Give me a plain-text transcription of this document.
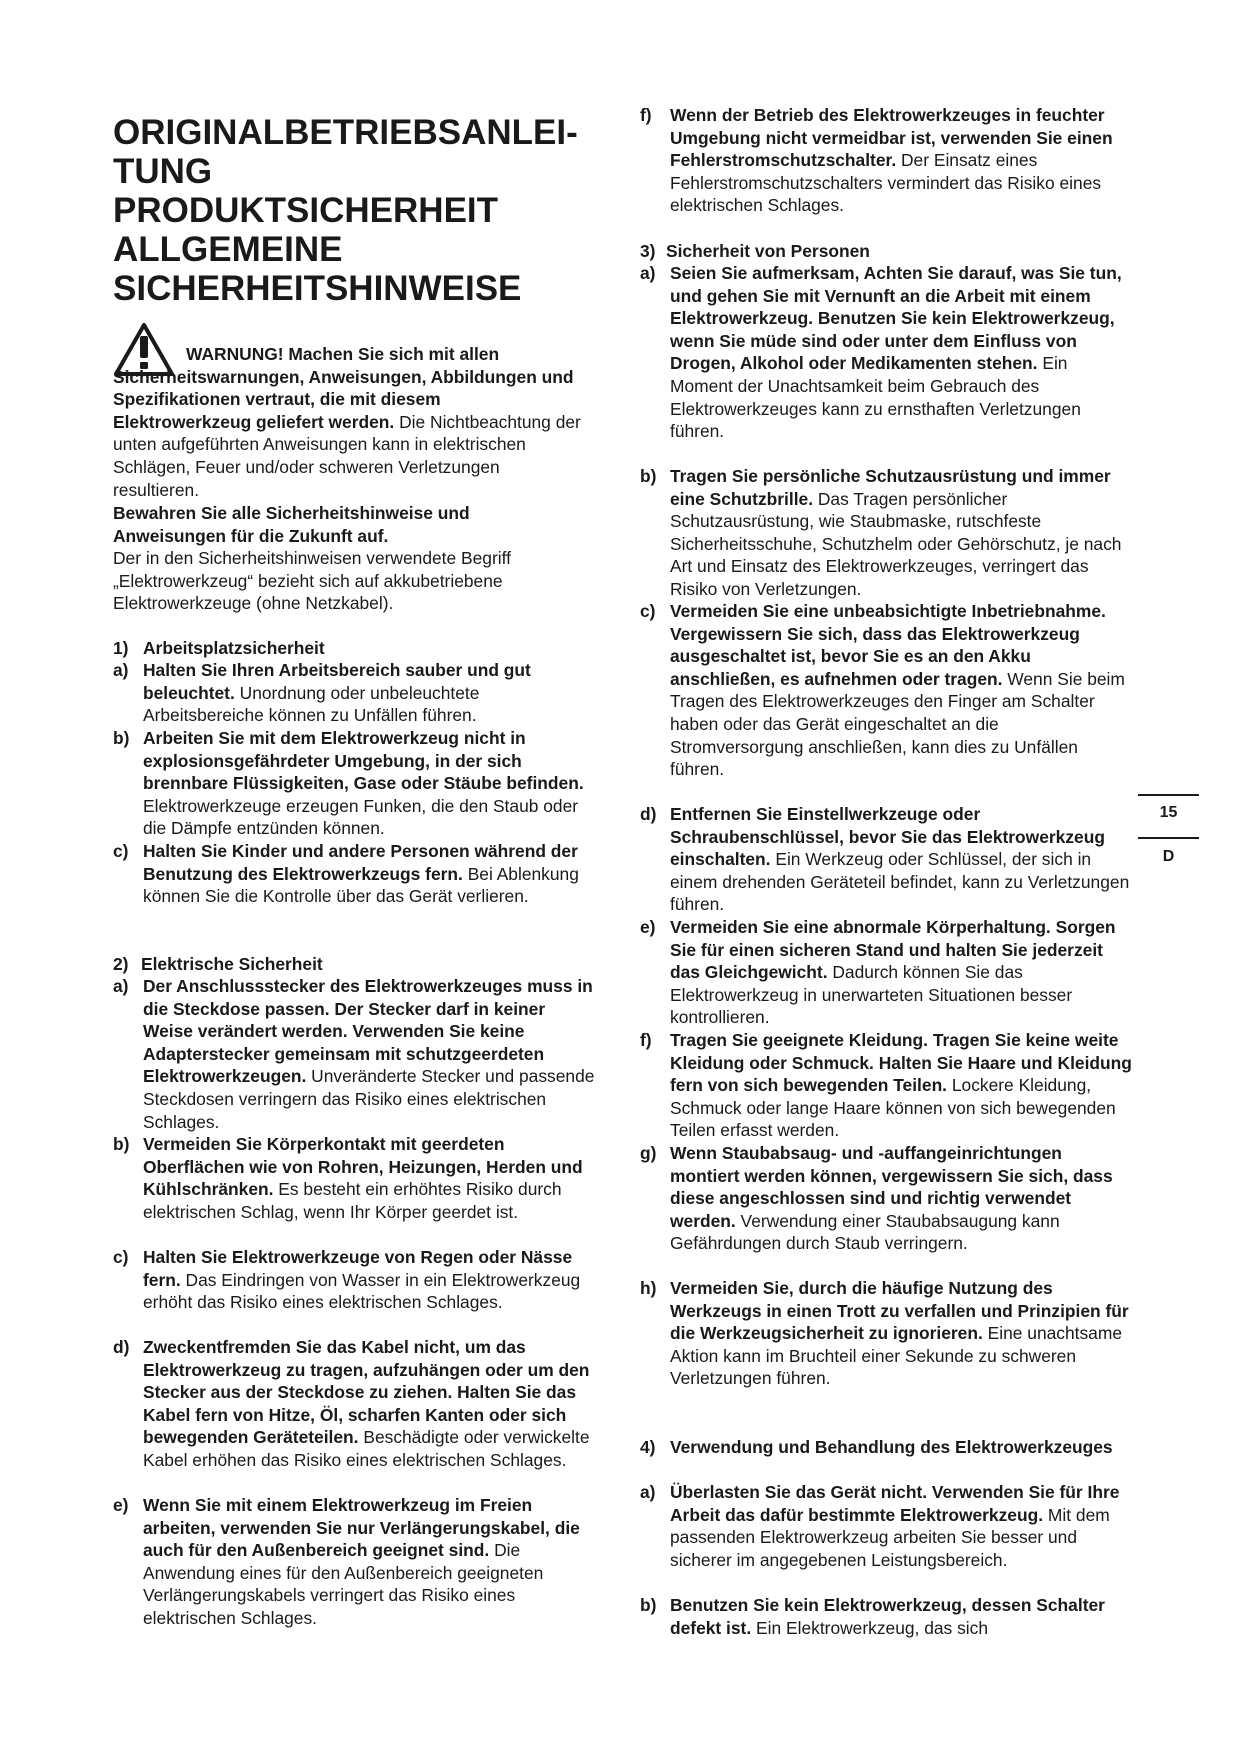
ORIGINALBETRIEBSANLEI-
TUNG
PRODUKTSICHERHEIT
ALLGEMEINE
SICHERHEITSHINWEISE

WARNUNG! Machen Sie sich mit allen Sicherheitswarnungen, Anweisungen, Abbildungen und Spezifikationen vertraut, die mit diesem Elektrowerkzeug geliefert werden. Die Nichtbeachtung der unten aufgeführten Anweisungen kann in elektrischen Schlägen, Feuer und/oder schweren Verletzungen resultieren.

Bewahren Sie alle Sicherheitshinweise und Anweisungen für die Zukunft auf.
Der in den Sicherheitshinweisen verwendete Begriff „Elektrowerkzeug“ bezieht sich auf akkubetriebene Elektrowerkzeuge (ohne Netzkabel).

1) Arbeitsplatzsicherheit
a) Halten Sie Ihren Arbeitsbereich sauber und gut beleuchtet. Unordnung oder unbeleuchtete Arbeitsbereiche können zu Unfällen führen.
b) Arbeiten Sie mit dem Elektrowerkzeug nicht in explosionsgefährdeter Umgebung, in der sich brennbare Flüssigkeiten, Gase oder Stäube befinden. Elektrowerkzeuge erzeugen Funken, die den Staub oder die Dämpfe entzünden können.
c) Halten Sie Kinder und andere Personen während der Benutzung des Elektrowerkzeugs fern. Bei Ablenkung können Sie die Kontrolle über das Gerät verlieren.
2) Elektrische Sicherheit
a) Der Anschlussstecker des Elektrowerkzeuges muss in die Steckdose passen. Der Stecker darf in keiner Weise verändert werden. Verwenden Sie keine Adapterstecker gemeinsam mit schutzgeerdeten Elektrowerkzeugen. Unveränderte Stecker und passende Steckdosen verringern das Risiko eines elektrischen Schlages.
b) Vermeiden Sie Körperkontakt mit geerdeten Oberflächen wie von Rohren, Heizungen, Herden und Kühlschränken. Es besteht ein erhöhtes Risiko durch elektrischen Schlag, wenn Ihr Körper geerdet ist.
c) Halten Sie Elektrowerkzeuge von Regen oder Nässe fern. Das Eindringen von Wasser in ein Elektrowerkzeug erhöht das Risiko eines elektrischen Schlages.
d) Zweckentfremden Sie das Kabel nicht, um das Elektrowerkzeug zu tragen, aufzuhängen oder um den Stecker aus der Steckdose zu ziehen. Halten Sie das Kabel fern von Hitze, Öl, scharfen Kanten oder sich bewegenden Geräteteilen. Beschädigte oder verwickelte Kabel erhöhen das Risiko eines elektrischen Schlages.
e) Wenn Sie mit einem Elektrowerkzeug im Freien arbeiten, verwenden Sie nur Verlängerungskabel, die auch für den Außenbereich geeignet sind. Die Anwendung eines für den Außenbereich geeigneten Verlängerungskabels verringert das Risiko eines elektrischen Schlages.
f)	Wenn der Betrieb des Elektrowerkzeuges in feuchter Umgebung nicht vermeidbar ist, verwenden Sie einen Fehlerstromschutzschalter. Der Einsatz eines Fehlerstromschutzschalters vermindert das Risiko eines elektrischen Schlages.
3) Sicherheit von Personen
a) Seien Sie aufmerksam, Achten Sie darauf, was Sie tun, und gehen Sie mit Vernunft an die Arbeit mit einem Elektrowerkzeug. Benutzen Sie kein Elektrowerkzeug, wenn Sie müde sind oder unter dem Einfluss von Drogen, Alkohol oder Medikamenten stehen. Ein Moment der Unachtsamkeit beim Gebrauch des Elektrowerkzeuges kann zu ernsthaften Verletzungen führen.
b) Tragen Sie persönliche Schutzausrüstung und immer eine Schutzbrille. Das Tragen persönlicher Schutzausrüstung, wie Staubmaske, rutschfeste Sicherheitsschuhe, Schutzhelm oder Gehörschutz, je nach Art und Einsatz des Elektrowerkzeuges, verringert das Risiko von Verletzungen.
c) Vermeiden Sie eine unbeabsichtigte Inbetriebnahme. Vergewissern Sie sich, dass das Elektrowerkzeug ausgeschaltet ist, bevor Sie es an den Akku anschließen, es aufnehmen oder tragen. Wenn Sie beim Tragen des Elektrowerkzeuges den Finger am Schalter haben oder das Gerät eingeschaltet an die Stromversorgung anschließen, kann dies zu Unfällen führen.
d) Entfernen Sie Einstellwerkzeuge oder Schraubenschlüssel, bevor Sie das Elektrowerkzeug einschalten. Ein Werkzeug oder Schlüssel, der sich in einem drehenden Geräteteil befindet, kann zu Verletzungen führen.
e) Vermeiden Sie eine abnormale Körperhaltung. Sorgen Sie für einen sicheren Stand und halten Sie jederzeit das Gleichgewicht. Dadurch können Sie das Elektrowerkzeug in unerwarteten Situationen besser kontrollieren.
f)	Tragen Sie geeignete Kleidung. Tragen Sie keine weite Kleidung oder Schmuck. Halten Sie Haare und Kleidung fern von sich bewegenden Teilen. Lockere Kleidung, Schmuck oder lange Haare können von sich bewegenden Teilen erfasst werden.
g) Wenn Staubabsaug- und -auffangeinrichtungen montiert werden können, vergewissern Sie sich, dass diese angeschlossen sind und richtig verwendet werden. Verwendung einer Staubabsaugung kann Gefährdungen durch Staub verringern.
h) Vermeiden Sie, durch die häufige Nutzung des Werkzeugs in einen Trott zu verfallen und Prinzipien für die Werkzeugsicherheit zu ignorieren. Eine unachtsame Aktion kann im Bruchteil einer Sekunde zu schweren Verletzungen führen.
4) Verwendung und Behandlung des Elektrowerkzeuges
a) Überlasten Sie das Gerät nicht. Verwenden Sie für Ihre Arbeit das dafür bestimmte Elektrowerkzeug. Mit dem passenden Elektrowerkzeug arbeiten Sie besser und sicherer im angegebenen Leistungsbereich.
b) Benutzen Sie kein Elektrowerkzeug, dessen Schalter defekt ist. Ein Elektrowerkzeug, das sich
15
D
